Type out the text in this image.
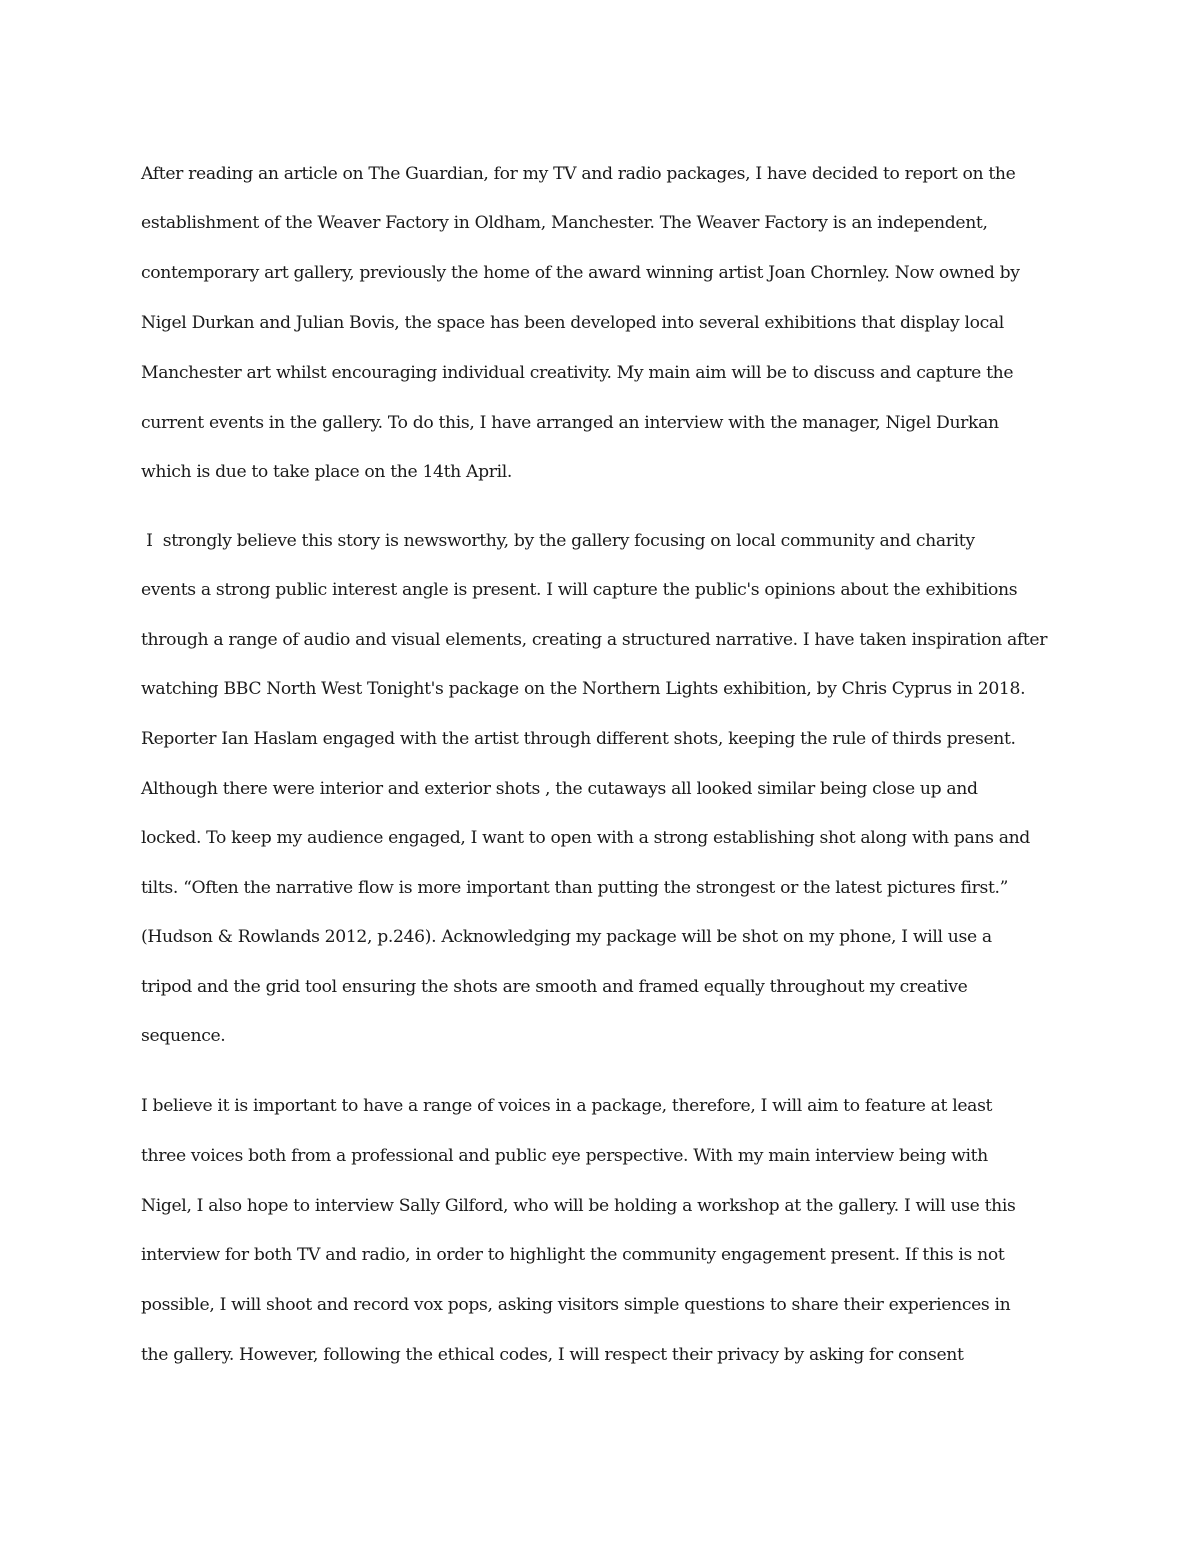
After reading an article on The Guardian, for my TV and radio packages, I have decided to report on the
establishment of the Weaver Factory in Oldham, Manchester. The Weaver Factory is an independent,
contemporary art gallery, previously the home of the award winning artist Joan Chornley. Now owned by
Nigel Durkan and Julian Bovis, the space has been developed into several exhibitions that display local
Manchester art whilst encouraging individual creativity. My main aim will be to discuss and capture the
current events in the gallery. To do this, I have arranged an interview with the manager, Nigel Durkan
which is due to take place on the 14th April.
I  strongly believe this story is newsworthy, by the gallery focusing on local community and charity
events a strong public interest angle is present. I will capture the public's opinions about the exhibitions
through a range of audio and visual elements, creating a structured narrative. I have taken inspiration after
watching BBC North West Tonight's package on the Northern Lights exhibition, by Chris Cyprus in 2018.
Reporter Ian Haslam engaged with the artist through different shots, keeping the rule of thirds present.
Although there were interior and exterior shots , the cutaways all looked similar being close up and
locked. To keep my audience engaged, I want to open with a strong establishing shot along with pans and
tilts. “Often the narrative flow is more important than putting the strongest or the latest pictures first.”
(Hudson & Rowlands 2012, p.246). Acknowledging my package will be shot on my phone, I will use a
tripod and the grid tool ensuring the shots are smooth and framed equally throughout my creative
sequence.
I believe it is important to have a range of voices in a package, therefore, I will aim to feature at least
three voices both from a professional and public eye perspective. With my main interview being with
Nigel, I also hope to interview Sally Gilford, who will be holding a workshop at the gallery. I will use this
interview for both TV and radio, in order to highlight the community engagement present. If this is not
possible, I will shoot and record vox pops, asking visitors simple questions to share their experiences in
the gallery. However, following the ethical codes, I will respect their privacy by asking for consent
